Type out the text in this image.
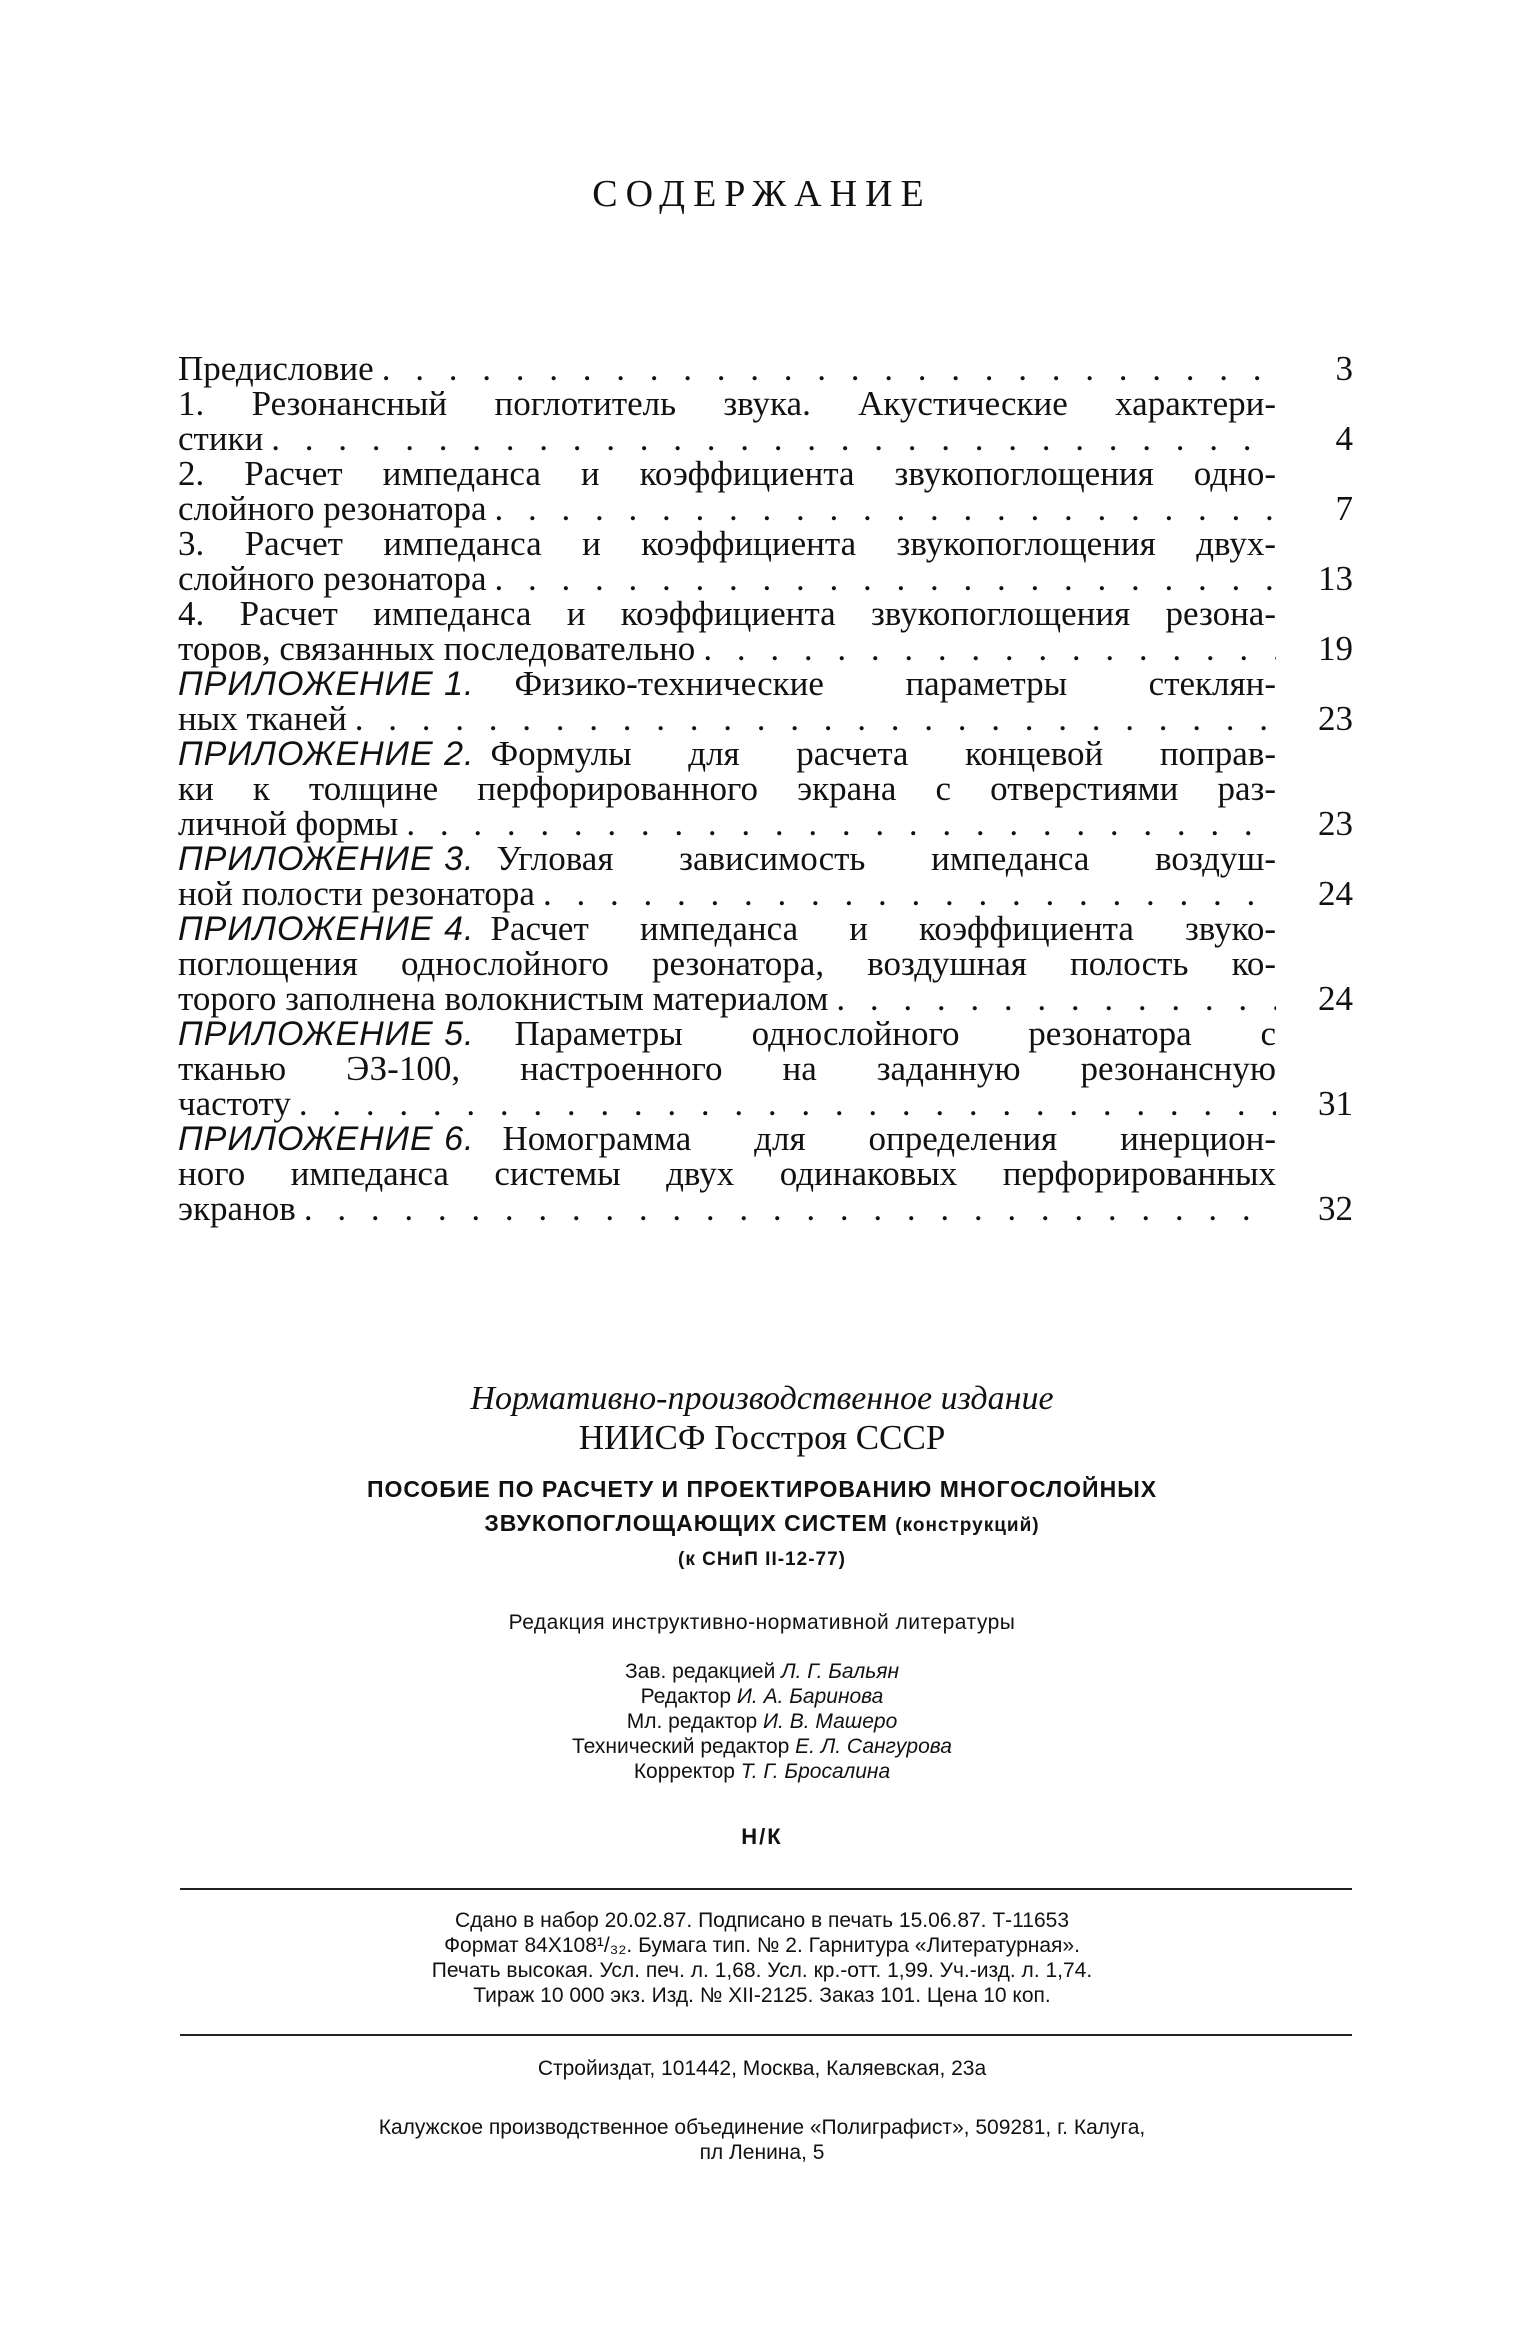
СОДЕРЖАНИЕ
Предисловие . . .	3
1. Резонансный поглотитель звука. Акустические характери-
стики . . .	4
2. Расчет импеданса и коэффициента звукопоглощения одно-
слойного резонатора . . .	7
3. Расчет импеданса и коэффициента звукопоглощения двух-
слойного резонатора . . .	13
4. Расчет импеданса и коэффициента звукопоглощения резона-
торов, связанных последовательно . . .	19
ПРИЛОЖЕНИЕ 1. Физико-технические параметры стеклян-
ных тканей . . .	23
ПРИЛОЖЕНИЕ 2. Формулы для расчета концевой поправ-
ки к толщине перфорированного экрана с отверстиями раз-
личной формы . . .	23
ПРИЛОЖЕНИЕ 3. Угловая зависимость импеданса воздуш-
ной полости резонатора . . .	24
ПРИЛОЖЕНИЕ 4. Расчет импеданса и коэффициента звуко-
поглощения однослойного резонатора, воздушная полость ко-
торого заполнена волокнистым материалом . . .	24
ПРИЛОЖЕНИЕ 5. Параметры однослойного резонатора с
тканью ЭЗ-100, настроенного на заданную резонансную
частоту . . .	31
ПРИЛОЖЕНИЕ 6. Номограмма для определения инерцион-
ного импеданса системы двух одинаковых перфорированных
экранов . . .	32
Нормативно-производственное издание
НИИСФ Госстроя СССР
ПОСОБИЕ ПО РАСЧЕТУ И ПРОЕКТИРОВАНИЮ МНОГОСЛОЙНЫХ
ЗВУКОПОГЛОЩАЮЩИХ СИСТЕМ (конструкций)
(к СНиП II-12-77)
Редакция инструктивно-нормативной литературы
Зав. редакцией Л. Г. Бальян
Редактор И. А. Баринова
Мл. редактор И. В. Машеро
Технический редактор Е. Л. Сангурова
Корректор Т. Г. Бросалина
Н/К
Сдано в набор 20.02.87. Подписано в печать 15.06.87. Т-11653
Формат 84X108¹/₃₂. Бумага тип. № 2. Гарнитура «Литературная».
Печать высокая. Усл. печ. л. 1,68. Усл. кр.-отт. 1,99. Уч.-изд. л. 1,74.
Тираж 10 000 экз. Изд. № XII-2125. Заказ 101. Цена 10 коп.
Стройиздат, 101442, Москва, Каляевская, 23а
Калужское производственное объединение «Полиграфист», 509281, г. Калуга,
пл Ленина, 5
